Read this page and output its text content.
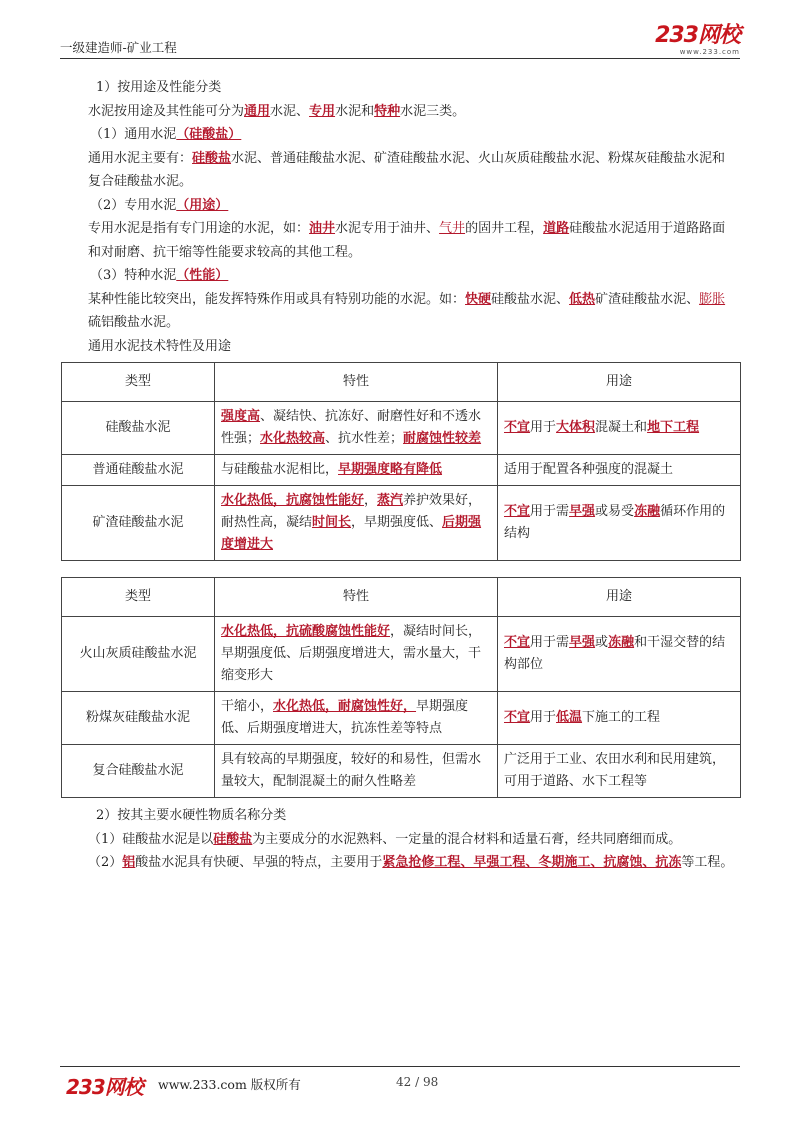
一级建造师-矿业工程	233网校
www.233.com

1）按用途及性能分类

水泥按用途及其性能可分为通用水泥、专用水泥和特种水泥三类。

（1）通用水泥（硅酸盐）

通用水泥主要有：硅酸盐水泥、普通硅酸盐水泥、矿渣硅酸盐水泥、火山灰质硅酸盐水泥、粉煤灰硅酸盐水泥和复合硅酸盐水泥。

（2）专用水泥（用途）

专用水泥是指有专门用途的水泥，如：油井水泥专用于油井、气井的固井工程，道路硅酸盐水泥适用于道路路面和对耐磨、抗干缩等性能要求较高的其他工程。

（3）特种水泥（性能）

某种性能比较突出，能发挥特殊作用或具有特别功能的水泥。如：快硬硅酸盐水泥、低热矿渣硅酸盐水泥、膨胀硫铝酸盐水泥。

通用水泥技术特性及用途

类型	特性	用途
硅酸盐水泥	强度高、凝结快、抗冻好、耐磨性好和不透水性强；水化热较高、抗水性差；耐腐蚀性较差	不宜用于大体积混凝土和地下工程
普通硅酸盐水泥	与硅酸盐水泥相比，早期强度略有降低	适用于配置各种强度的混凝土
矿渣硅酸盐水泥	水化热低，抗腐蚀性能好，蒸汽养护效果好，耐热性高，凝结时间长，早期强度低、后期强度增进大	不宜用于需早强或易受冻融循环作用的结构
类型	特性	用途
火山灰质硅酸盐水泥	水化热低，抗硫酸腐蚀性能好，凝结时间长，早期强度低、后期强度增进大，需水量大，干缩变形大	不宜用于需早强或冻融和干湿交替的结构部位
粉煤灰硅酸盐水泥	干缩小，水化热低，耐腐蚀性好，早期强度低、后期强度增进大，抗冻性差等特点	不宜用于低温下施工的工程
复合硅酸盐水泥	具有较高的早期强度，较好的和易性，但需水量较大，配制混凝土的耐久性略差	广泛用于工业、农田水利和民用建筑，可用于道路、水下工程等

2）按其主要水硬性物质名称分类

（1）硅酸盐水泥是以硅酸盐为主要成分的水泥熟料、一定量的混合材料和适量石膏，经共同磨细而成。

（2）铝酸盐水泥具有快硬、早强的特点，主要用于紧急抢修工程、早强工程、冬期施工、抗腐蚀、抗冻等工程。

233网校 www.233.com 版权所有	42 / 98
